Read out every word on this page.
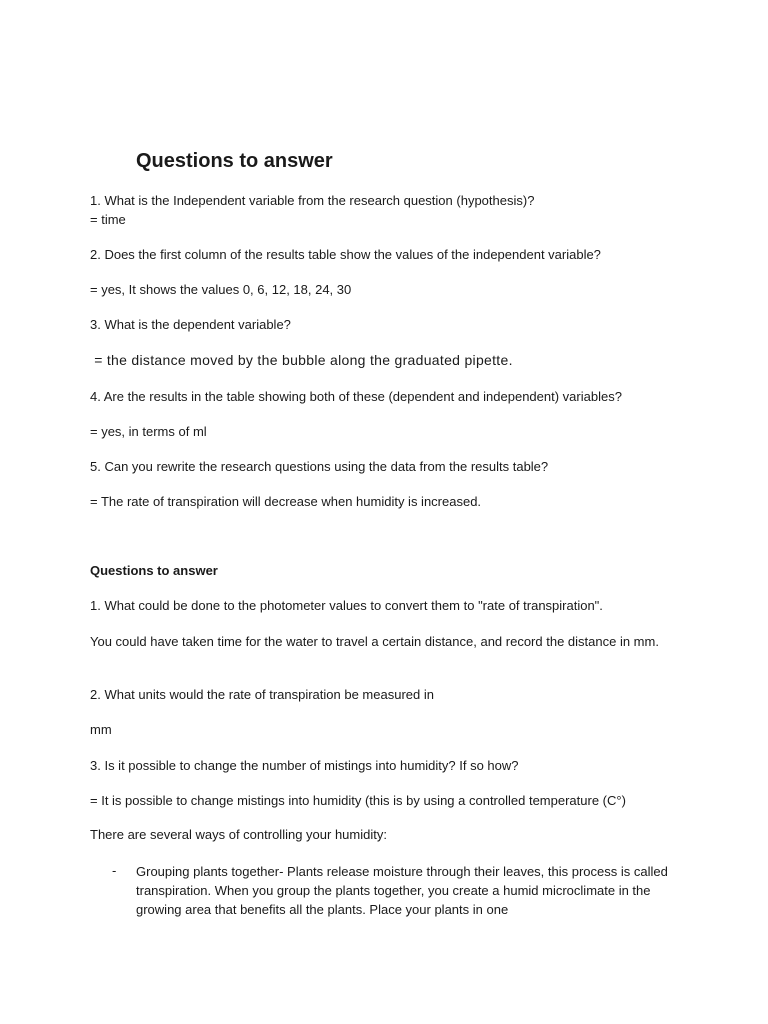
Questions to answer
1. What is the Independent variable from the research question (hypothesis)?
= time
2. Does the first column of the results table show the values of the independent variable?
= yes, It shows the values 0, 6, 12, 18, 24, 30
3. What is the dependent variable?
= the distance moved by the bubble along the graduated pipette.
4. Are the results in the table showing both of these (dependent and independent) variables?
= yes, in terms of ml
5. Can you rewrite the research questions using the data from the results table?
= The rate of transpiration will decrease when humidity is increased.
Questions to answer
1. What could be done to the photometer values to convert them to "rate of transpiration".
You could have taken time for the water to travel a certain distance, and record the distance in mm.
2. What units would the rate of transpiration be measured in
mm
3. Is it possible to change the number of mistings into humidity? If so how?
= It is possible to change mistings into humidity (this is by using a controlled temperature (C°)
There are several ways of controlling your humidity:
- Grouping plants together- Plants release moisture through their leaves, this process is called transpiration. When you group the plants together, you create a humid microclimate in the growing area that benefits all the plants. Place your plants in one
